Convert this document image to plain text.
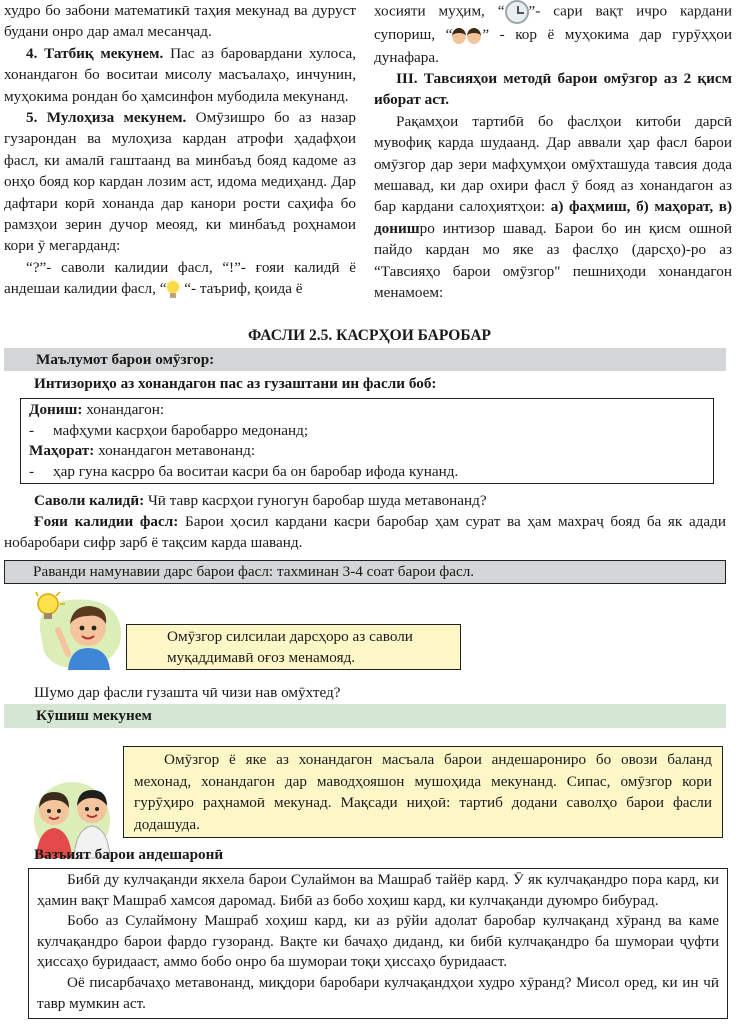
худро бо забони математикӣ таҳия мекунад ва дуруст будани онро дар амал месанҷад.

4. Татбиқ мекунем. Пас аз баровардани хулоса, хонандагон бо воситаи мисолу масъалаҳо, инчунин, муҳокима рондан бо ҳамсинфон мубодила мекунанд.

5. Мулоҳиза мекунем. Омӯзишро бо аз назар гузарондан ва мулоҳиза кардан атрофи ҳадафҳои фасл, ки амалӣ гаштаанд ва минбаъд бояд кадоме аз онҳо бояд кор кардан лозим аст, идома медиҳанд. Дар дафтари корӣ хонанда дар канори рости саҳифа бо рамзҳои зерин дучор меояд, ки минбаъд роҳнамои кори ӯ мегарданд:

“?”- саволи калидии фасл, “!”- ғояи калидӣ ё андешаи калидии фасл, “ “- таъриф, қоида ё

хосияти муҳим, “ ”- сари вақт ичро кардани супориш, “ ” - кор ё муҳокима дар гурӯҳҳои дунафара.

III. Тавсияҳои методӣ барои омӯзгор аз 2 қисм иборат аст.

Рақамҳои тартибӣ бо фаслҳои китоби дарсӣ мувофиқ карда шудаанд. Дар аввали ҳар фасл барои омӯзгор дар зери мафҳумҳои омӯхташуда тавсия дода мешавад, ки дар охири фасл ӯ бояд аз хонандагон аз бар кардани салоҳиятҳои: а) фаҳмиш, б) маҳорат, в) донишро интизор шавад. Барои бо ин қисм ошноӣ пайдо кардан мо яке аз фаслҳо (дарсҳо)-ро аз “Тавсияҳо барои омӯзгор" пешниҳоди хонандагон менамоем:

ФАСЛИ 2.5. КАСРҲОИ БАРОБАР
Маълумот барои омӯзгор:
Интизориҳо аз хонандагон пас аз гузаштани ин фасли боб:

Дониш: хонандагон:

-     мафҳуми касрҳои баробарро медонанд;

Маҳорат: хонандагон метавонанд:

-     ҳар гуна касрро ба воситаи касри ба он баробар ифода кунанд.

Саволи калидӣ: Чӣ тавр касрҳои гуногун баробар шуда метавонанд?

Ғояи калидии фасл: Барои ҳосил кардани касри баробар ҳам сурат ва ҳам махраҷ бояд ба як адади нобаробари сифр зарб ё тақсим карда шаванд.

Раванди намунавии дарс барои фасл: тахминан 3-4 соат барои фасл.
Омӯзгор силсилаи дарсҳоро аз саволи муқаддимавӣ оғоз менамояд.

Шумо дар фасли гузашта чӣ чизи нав омӯхтед?

Кӯшиш мекунем

Омӯзгор ё яке аз хонандагон масъала барои андешарониро бо овози баланд мехонад, хонандагон дар маводҳояшон мушоҳида мекунанд. Сипас, омӯзгор кори гурӯҳиро раҳнамоӣ мекунад. Мақсади ниҳоӣ: тартиб додани саволҳо барои фасли додашуда.

Вазъият барои андешаронӣ

Бибӣ ду кулчақанди якхела барои Сулаймон ва Машраб тайёр кард. Ӯ як кулчақандро пора кард, ки ҳамин вақт Машраб хамсоя даромад. Бибӣ аз бобо хоҳиш кард, ки кулчақанди дуюмро бибурад.

Бобо аз Сулаймону Машраб хоҳиш кард, ки аз рӯйи адолат баробар кулчақанд хӯранд ва каме кулчақандро барои фардо гузоранд. Вақте ки бачаҳо диданд, ки бибӣ кулчақандро ба шумораи ҷуфти ҳиссаҳо буридааст, аммо бобо онро ба шумораи тоқи ҳиссаҳо буридааст.

Оё писарбачаҳо метавонанд, миқдори баробари кулчақандҳои худро хӯранд? Мисол оред, ки ин чӣ тавр мумкин аст.
